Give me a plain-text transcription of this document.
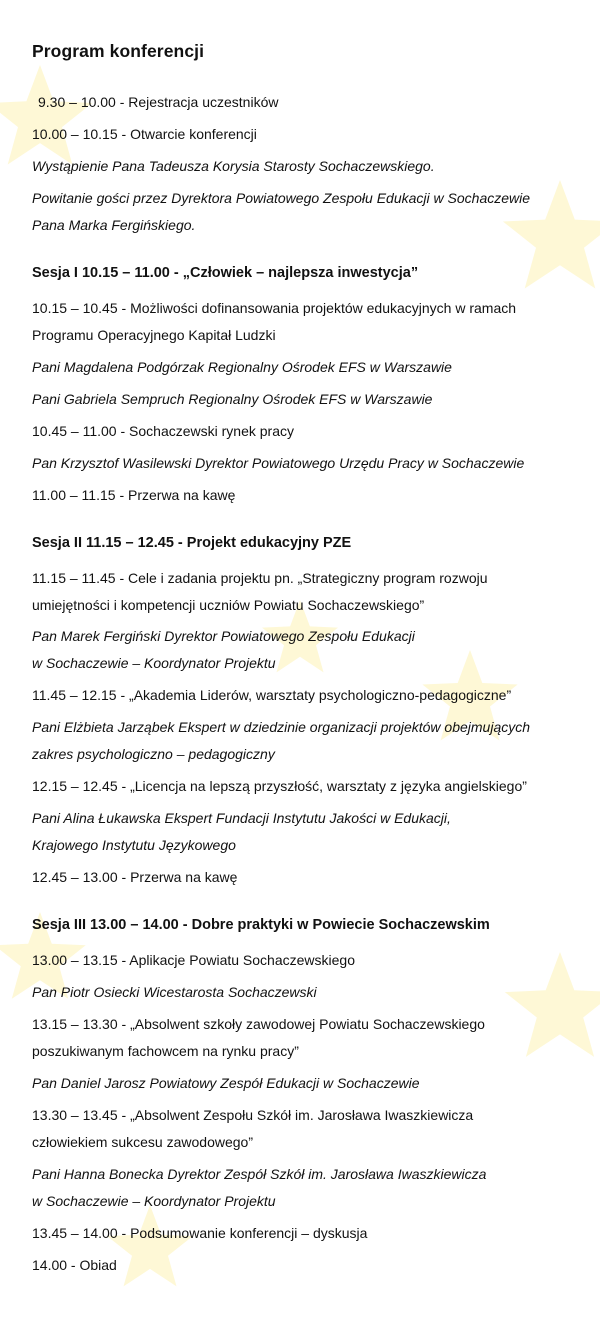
Program konferencji
9.30 – 10.00 - Rejestracja uczestników
10.00 – 10.15 - Otwarcie konferencji
Wystąpienie Pana Tadeusza Korysia Starosty Sochaczewskiego.
Powitanie gości przez Dyrektora Powiatowego Zespołu Edukacji w Sochaczewie
Pana Marka Fergińskiego.
Sesja I 10.15 – 11.00 - „Człowiek – najlepsza inwestycja”
10.15 – 10.45 - Możliwości dofinansowania projektów edukacyjnych w ramach
Programu Operacyjnego Kapitał Ludzki
Pani Magdalena Podgórzak Regionalny Ośrodek EFS w Warszawie
Pani Gabriela Sempruch Regionalny Ośrodek EFS w Warszawie
10.45 – 11.00 - Sochaczewski rynek pracy
Pan Krzysztof Wasilewski Dyrektor Powiatowego Urzędu Pracy w Sochaczewie
11.00 – 11.15 - Przerwa na kawę
Sesja II 11.15 – 12.45 - Projekt edukacyjny PZE
11.15 – 11.45 - Cele i zadania projektu pn. „Strategiczny program rozwoju
umiejętności i kompetencji uczniów Powiatu Sochaczewskiego”
Pan Marek Fergiński Dyrektor Powiatowego Zespołu Edukacji
w Sochaczewie – Koordynator Projektu
11.45 – 12.15 - „Akademia Liderów, warsztaty psychologiczno-pedagogiczne”
Pani Elżbieta Jarząbek Ekspert w dziedzinie organizacji projektów obejmujących
zakres psychologiczno – pedagogiczny
12.15 – 12.45 - „Licencja na lepszą przyszłość, warsztaty z języka angielskiego”
Pani Alina Łukawska Ekspert Fundacji Instytutu Jakości w Edukacji,
Krajowego Instytutu Językowego
12.45 – 13.00 - Przerwa na kawę
Sesja III 13.00 – 14.00 - Dobre praktyki w Powiecie Sochaczewskim
13.00 – 13.15 - Aplikacje Powiatu Sochaczewskiego
Pan Piotr Osiecki Wicestarosta Sochaczewski
13.15 – 13.30 - „Absolwent szkoły zawodowej Powiatu Sochaczewskiego
poszukiwanym fachowcem na rynku pracy”
Pan Daniel Jarosz Powiatowy Zespół Edukacji w Sochaczewie
13.30 – 13.45 - „Absolwent Zespołu Szkół im. Jarosława Iwaszkiewicza
człowiekiem sukcesu zawodowego”
Pani Hanna Bonecka Dyrektor Zespół Szkół im. Jarosława Iwaszkiewicza
w Sochaczewie – Koordynator Projektu
13.45 – 14.00 - Podsumowanie konferencji – dyskusja
14.00 - Obiad
